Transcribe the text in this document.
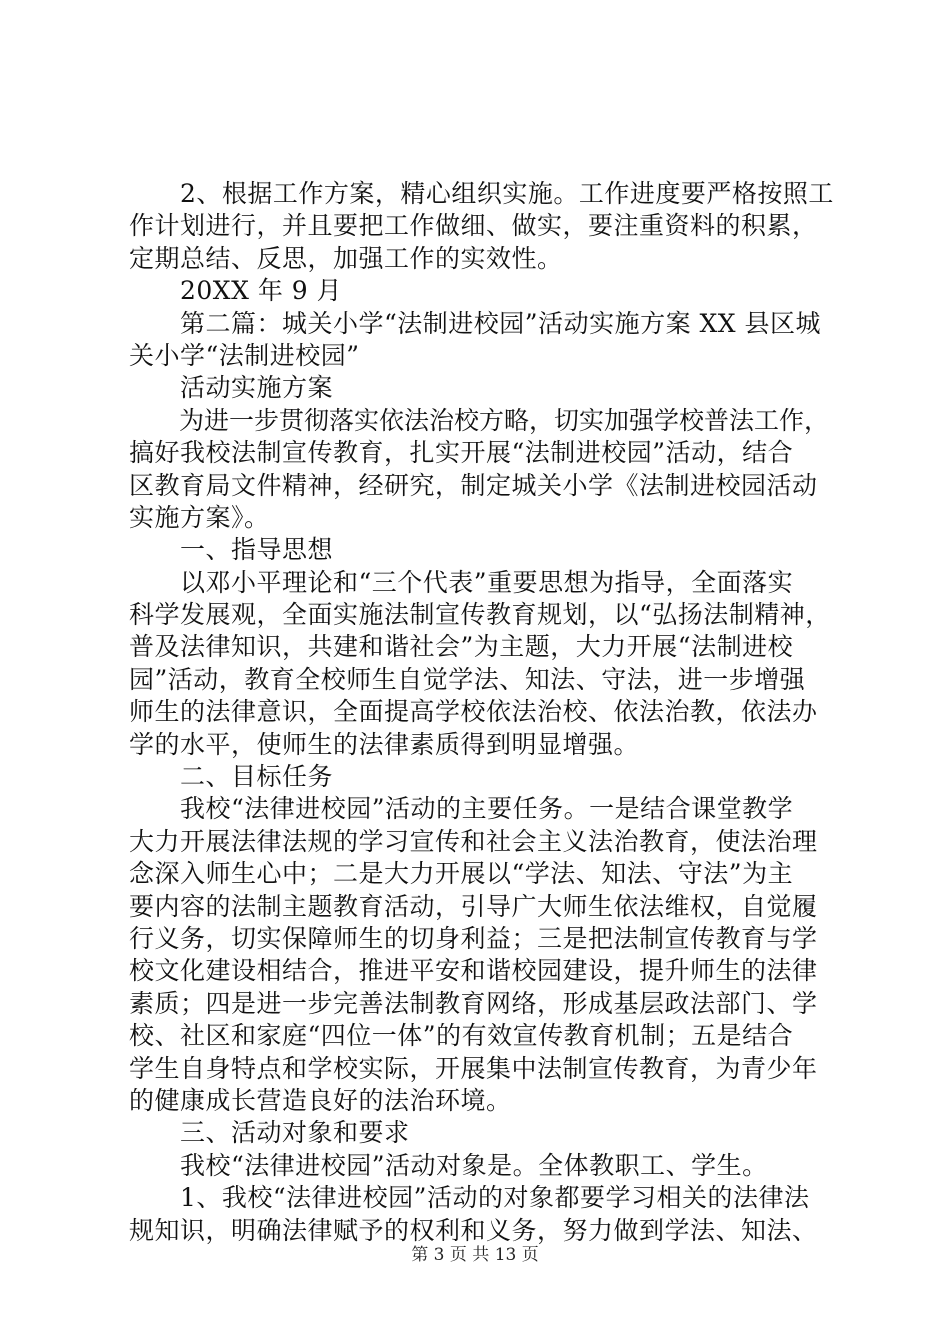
　　2、根据工作方案，精心组织实施。工作进度要严格按照工
作计划进行，并且要把工作做细、做实，要注重资料的积累，
定期总结、反思，加强工作的实效性。
　　20XX 年 9 月
　　第二篇：城关小学“法制进校园”活动实施方案 XX 县区城
关小学“法制进校园”
　　活动实施方案
　　为进一步贯彻落实依法治校方略，切实加强学校普法工作，
搞好我校法制宣传教育，扎实开展“法制进校园”活动，结合
区教育局文件精神，经研究，制定城关小学《法制进校园活动
实施方案》。
　　一、指导思想
　　以邓小平理论和“三个代表”重要思想为指导，全面落实
科学发展观，全面实施法制宣传教育规划，以“弘扬法制精神，
普及法律知识，共建和谐社会”为主题，大力开展“法制进校
园”活动，教育全校师生自觉学法、知法、守法，进一步增强
师生的法律意识，全面提高学校依法治校、依法治教，依法办
学的水平，使师生的法律素质得到明显增强。
　　二、目标任务
　　我校“法律进校园”活动的主要任务。一是结合课堂教学
大力开展法律法规的学习宣传和社会主义法治教育，使法治理
念深入师生心中；二是大力开展以“学法、知法、守法”为主
要内容的法制主题教育活动，引导广大师生依法维权，自觉履
行义务，切实保障师生的切身利益；三是把法制宣传教育与学
校文化建设相结合，推进平安和谐校园建设，提升师生的法律
素质；四是进一步完善法制教育网络，形成基层政法部门、学
校、社区和家庭“四位一体”的有效宣传教育机制；五是结合
学生自身特点和学校实际，开展集中法制宣传教育，为青少年
的健康成长营造良好的法治环境。
　　三、活动对象和要求
　　我校“法律进校园”活动对象是。全体教职工、学生。
　　1、我校“法律进校园”活动的对象都要学习相关的法律法
规知识，明确法律赋予的权利和义务，努力做到学法、知法、
第 3 页 共 13 页
